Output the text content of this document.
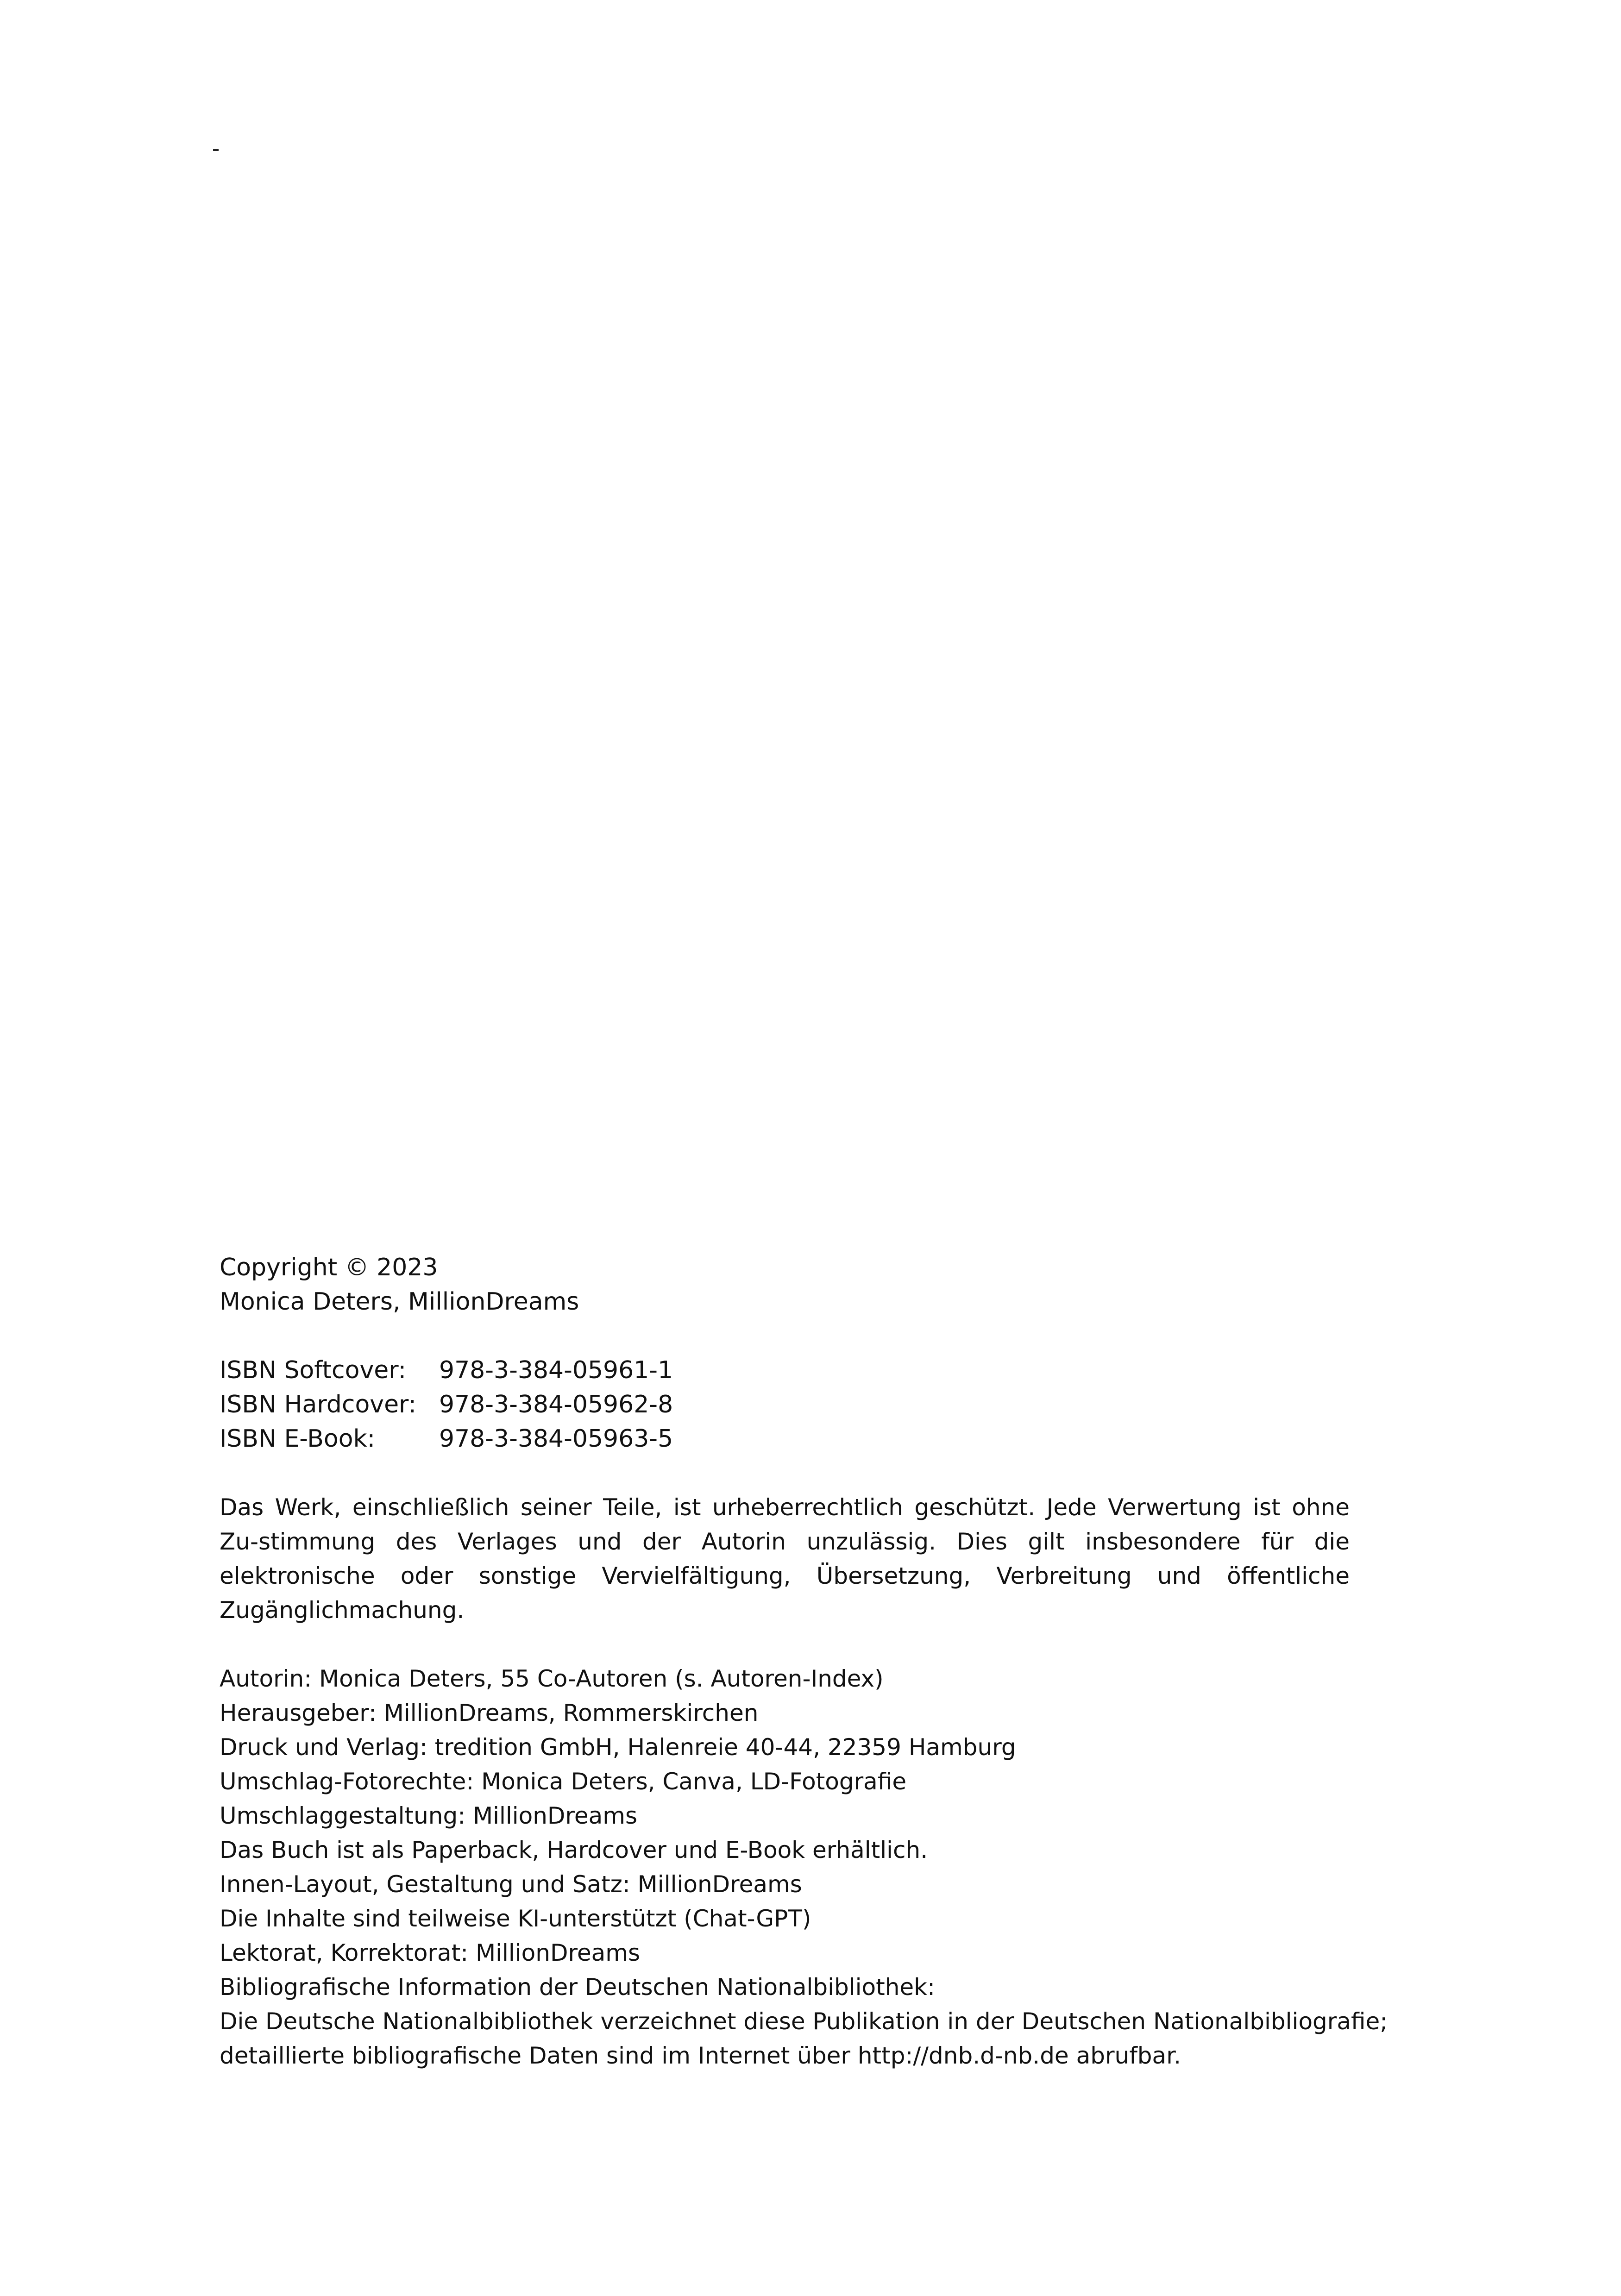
Copyright © 2023
Monica Deters, MillionDreams
ISBN Softcover:	978-3-384-05961-1
ISBN Hardcover: 978-3-384-05962-8
ISBN E-Book:	978-3-384-05963-5
Das Werk, einschließlich seiner Teile, ist urheberrechtlich geschützt. Jede Verwertung ist ohne Zu-stimmung des Verlages und der Autorin unzulässig. Dies gilt insbesondere für die elektronische oder sonstige Vervielfältigung, Übersetzung, Verbreitung und öffentliche Zugänglichmachung.
Autorin: Monica Deters, 55 Co-Autoren (s. Autoren-Index)
Herausgeber: MillionDreams, Rommerskirchen
Druck und Verlag: tredition GmbH, Halenreie 40-44, 22359 Hamburg
Umschlag-Fotorechte: Monica Deters, Canva, LD-Fotografie
Umschlaggestaltung: MillionDreams
Das Buch ist als Paperback, Hardcover und E-Book erhältlich.
Innen-Layout, Gestaltung und Satz: MillionDreams
Die Inhalte sind teilweise KI-unterstützt (Chat-GPT)
Lektorat, Korrektorat: MillionDreams
Bibliografische Information der Deutschen Nationalbibliothek:
Die Deutsche Nationalbibliothek verzeichnet diese Publikation in der Deutschen Nationalbibliografie;
detaillierte bibliografische Daten sind im Internet über http://dnb.d-nb.de abrufbar.
